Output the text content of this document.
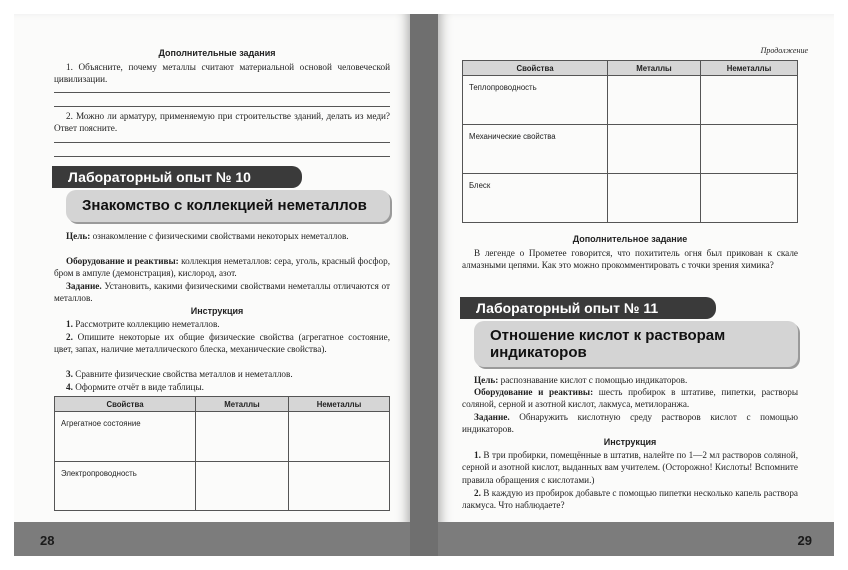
Дополнительные задания
1. Объясните, почему металлы считают материальной основой человеческой цивилизации.
2. Можно ли арматуру, применяемую при строительстве зданий, делать из меди? Ответ поясните.
Лабораторный опыт № 10
Знакомство с коллекцией неметаллов
Цель: ознакомление с физическими свойствами некоторых неметаллов.
Оборудование и реактивы: коллекция неметаллов: сера, уголь, красный фосфор, бром в ампуле (демонстрация), кислород, азот.
Задание. Установить, какими физическими свойствами неметаллы отличаются от металлов.
Инструкция
1. Рассмотрите коллекцию неметаллов.
2. Опишите некоторые их общие физические свойства (агрегатное состояние, цвет, запах, наличие металлического блеска, механические свойства).
3. Сравните физические свойства металлов и неметаллов.
4. Оформите отчёт в виде таблицы.
Свойства	Металлы	Неметаллы
Агрегатное состояние		
Электропроводность		
28
Продолжение
Свойства	Металлы	Неметаллы
Теплопроводность		
Механические свойства		
Блеск		
Дополнительное задание
В легенде о Прометее говорится, что похититель огня был прикован к скале алмазными цепями. Как это можно прокомментировать с точки зрения химика?
Лабораторный опыт № 11
Отношение кислот к растворам
индикаторов
Цель: распознавание кислот с помощью индикаторов.
Оборудование и реактивы: шесть пробирок в штативе, пипетки, растворы соляной, серной и азотной кислот, лакмуса, метилоранжа.
Задание. Обнаружить кислотную среду растворов кислот с помощью индикаторов.
Инструкция
1. В три пробирки, помещённые в штатив, налейте по 1—2 мл растворов соляной, серной и азотной кислот, выданных вам учителем. (Осторожно! Кислоты! Вспомните правила обращения с кислотами.)
2. В каждую из пробирок добавьте с помощью пипетки несколько капель раствора лакмуса. Что наблюдаете?
29
